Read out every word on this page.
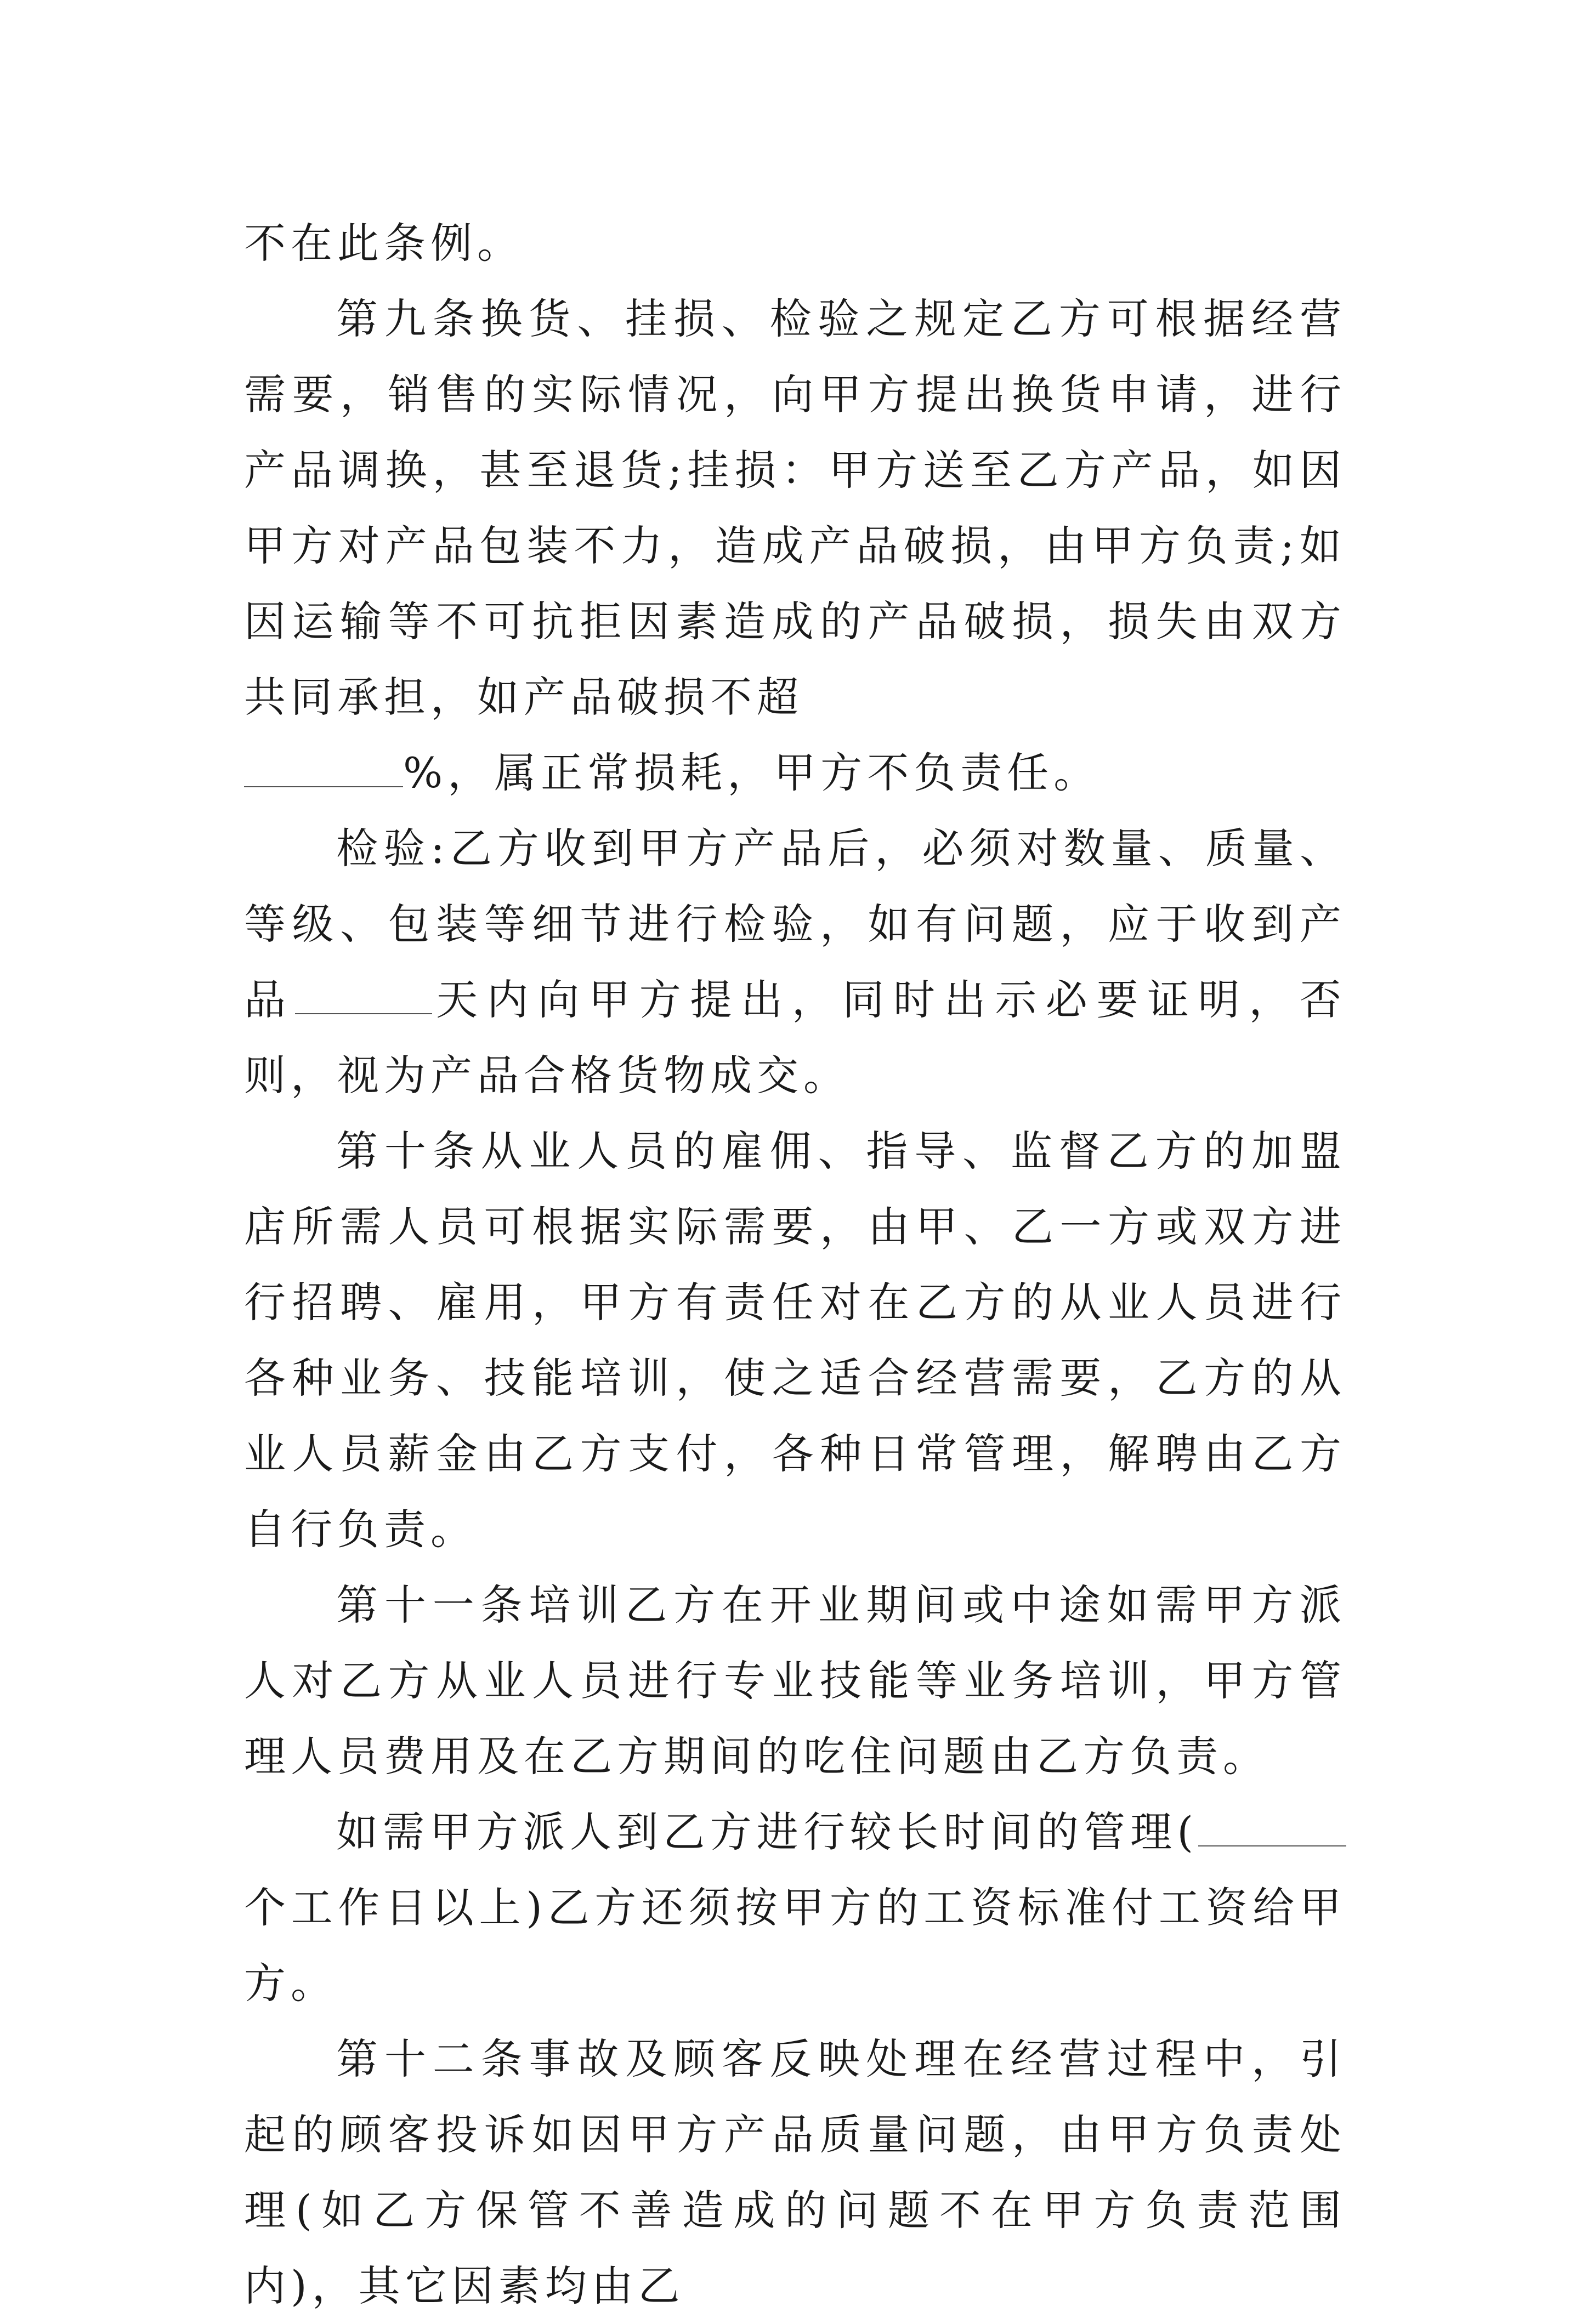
不在此条例。

第九条换货、挂损、检验之规定乙方可根据经营需要，销售的实际情况，向甲方提出换货申请，进行产品调换，甚至退货;挂损：甲方送至乙方产品，如因甲方对产品包装不力，造成产品破损，由甲方负责;如因运输等不可抗拒因素造成的产品破损，损失由双方共同承担，如产品破损不超
%，属正常损耗，甲方不负责任。

检验:乙方收到甲方产品后，必须对数量、质量、等级、包装等细节进行检验，如有问题，应于收到产品	天内向甲方提出，同时出示必要证明，否则，视为产品合格货物成交。

第十条从业人员的雇佣、指导、监督乙方的加盟店所需人员可根据实际需要，由甲、乙一方或双方进行招聘、雇用，甲方有责任对在乙方的从业人员进行各种业务、技能培训，使之适合经营需要，乙方的从业人员薪金由乙方支付，各种日常管理，解聘由乙方自行负责。

第十一条培训乙方在开业期间或中途如需甲方派人对乙方从业人员进行专业技能等业务培训，甲方管理人员费用及在乙方期间的吃住问题由乙方负责。

如需甲方派人到乙方进行较长时间的管理(个工作日以上)乙方还须按甲方的工资标准付工资给甲方。

第十二条事故及顾客反映处理在经营过程中，引起的顾客投诉如因甲方产品质量问题，由甲方负责处理(如乙方保管不善造成的问题不在甲方负责范围内)，其它因素均由乙
